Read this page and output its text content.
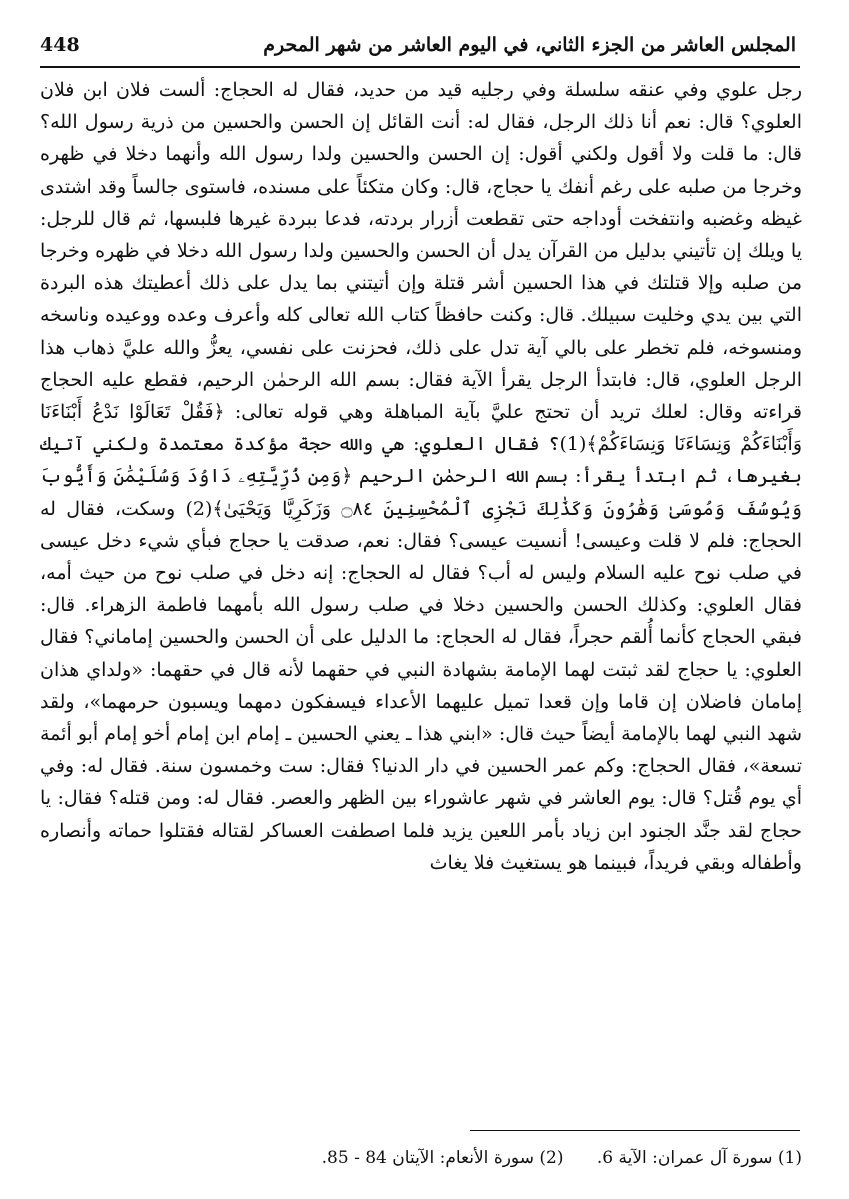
المجلس العاشر من الجزء الثاني، في اليوم العاشر من شهر المحرم
448

رجل علوي وفي عنقه سلسلة وفي رجليه قيد من حديد، فقال له الحجاج: ألست فلان ابن فلان العلوي؟ قال: نعم أنا ذلك الرجل، فقال له: أنت القائل إن الحسن والحسين من ذرية رسول الله؟ قال: ما قلت ولا أقول ولكني أقول: إن الحسن والحسين ولدا رسول الله وأنهما دخلا في ظهره وخرجا من صلبه على رغم أنفك يا حجاج، قال: وكان متكئاً على مسنده، فاستوى جالساً وقد اشتدى غيظه وغضبه وانتفخت أوداجه حتى تقطعت أزرار بردته، فدعا ببردة غيرها فلبسها، ثم قال للرجل: يا ويلك إن تأتيني بدليل من القرآن يدل أن الحسن والحسين ولدا رسول الله دخلا في ظهره وخرجا من صلبه وإلا قتلتك في هذا الحسين أشر قتلة وإن أتيتني بما يدل على ذلك أعطيتك هذه البردة التي بين يدي وخليت سبيلك. قال: وكنت حافظاً كتاب الله تعالى كله وأعرف وعده ووعيده وناسخه ومنسوخه، فلم تخطر على بالي آية تدل على ذلك، فحزنت على نفسي، يعزُّ والله عليَّ ذهاب هذا الرجل العلوي، قال: فابتدأ الرجل يقرأ الآية فقال: بسم الله الرحمٰن الرحيم، فقطع عليه الحجاج قراءته وقال: لعلك تريد أن تحتج عليَّ بآية المباهلة وهي قوله تعالى: ﴿فَقُلْ تَعَالَوْا نَدْعُ أَبْنَاءَنَا وَأَبْنَاءَكُمْ وَنِسَاءَنَا وَنِسَاءَكُمْ﴾(1)؟ فقال العلوي: هي والله حجة مؤكدة معتمدة ولكني آتيك بغيرها، ثم ابتدأ يقرأ: بسم الله الرحمٰن الرحيم ﴿وَمِن ذُرِّيَّتِهِۦ دَاوُدَ وَسُلَيْمَٰنَ وَأَيُّوبَ وَيُوسُفَ وَمُوسَىٰ وَهَٰرُونَ وَكَذَٰلِكَ نَجْزِى ٱلْمُحْسِنِينَ ۝٨٤ وَزَكَرِيَّا وَيَحْيَىٰ﴾(2) وسكت، فقال له الحجاج: فلم لا قلت وعيسى! أنسيت عيسى؟ فقال: نعم، صدقت يا حجاج فبأي شيء دخل عيسى في صلب نوح عليه السلام وليس له أب؟ فقال له الحجاج: إنه دخل في صلب نوح من حيث أمه، فقال العلوي: وكذلك الحسن والحسين دخلا في صلب رسول الله بأمهما فاطمة الزهراء. قال: فبقي الحجاج كأنما أُلقم حجراً، فقال له الحجاج: ما الدليل على أن الحسن والحسين إماماني؟ فقال العلوي: يا حجاج لقد ثبتت لهما الإمامة بشهادة النبي في حقهما لأنه قال في حقهما: «ولداي هذان إمامان فاضلان إن قاما وإن قعدا تميل عليهما الأعداء فيسفكون دمهما ويسبون حرمهما»، ولقد شهد النبي لهما بالإمامة أيضاً حيث قال: «ابني هذا ـ يعني الحسين ـ إمام ابن إمام أخو إمام أبو أئمة تسعة»، فقال الحجاج: وكم عمر الحسين في دار الدنيا؟ فقال: ست وخمسون سنة. فقال له: وفي أي يوم قُتل؟ قال: يوم العاشر في شهر عاشوراء بين الظهر والعصر. فقال له: ومن قتله؟ فقال: يا حجاج لقد جنَّد الجنود ابن زياد بأمر اللعين يزيد فلما اصطفت العساكر لقتاله فقتلوا حماته وأنصاره وأطفاله وبقي فريداً، فبينما هو يستغيث فلا يغاث

(1) سورة آل عمران: الآية 6. (2) سورة الأنعام: الآيتان 84 - 85.
